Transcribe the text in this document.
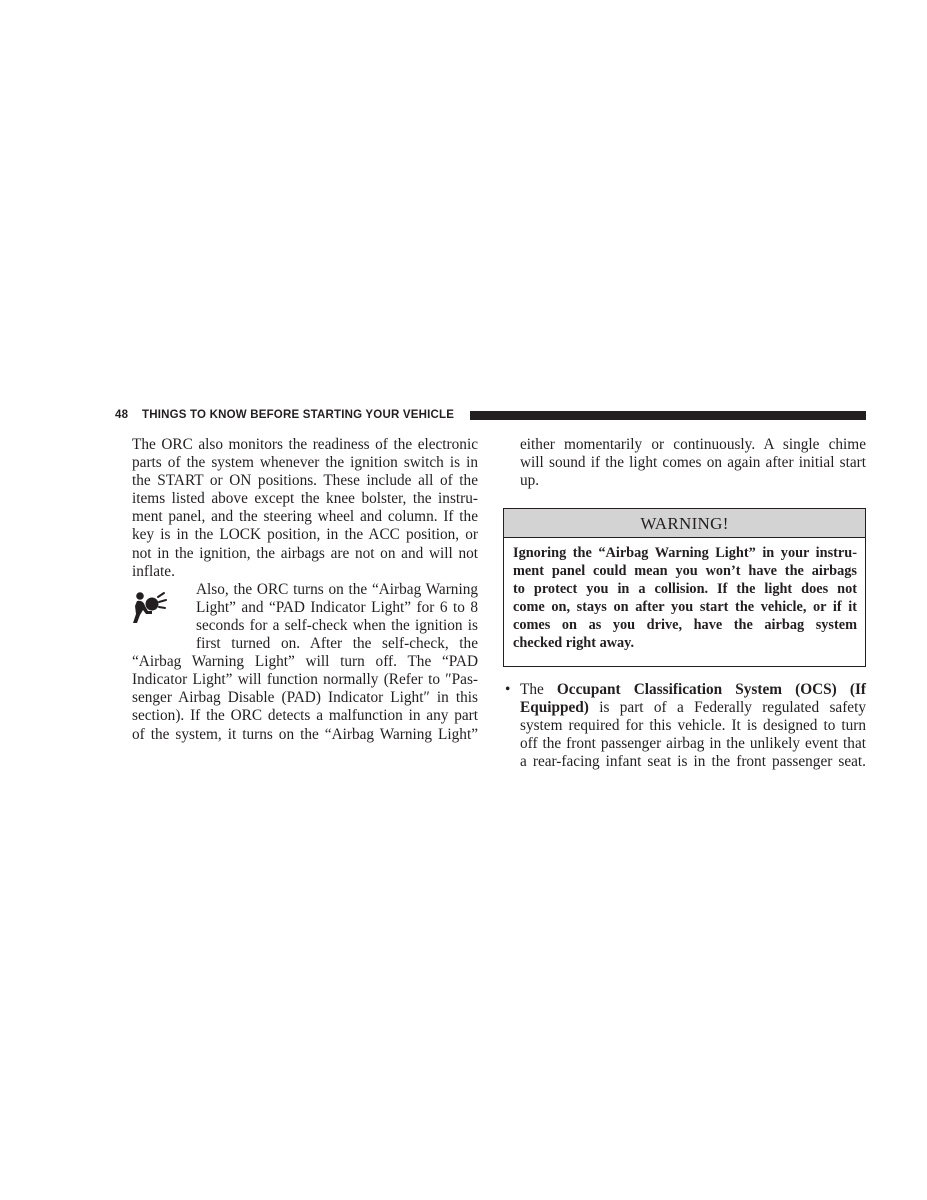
48 THINGS TO KNOW BEFORE STARTING YOUR VEHICLE

The ORC also monitors the readiness of the electronic

parts of the system whenever the ignition switch is in

the START or ON positions. These include all of the

items listed above except the knee bolster, the instru-

ment panel, and the steering wheel and column. If the

key is in the LOCK position, in the ACC position, or

not in the ignition, the airbags are not on and will not

inflate.

Also, the ORC turns on the “Airbag Warning

Light” and “PAD Indicator Light” for 6 to 8

seconds for a self-check when the ignition is

first turned on. After the self-check, the

“Airbag Warning Light” will turn off. The “PAD

Indicator Light” will function normally (Refer to ″Pas-

senger Airbag Disable (PAD) Indicator Light″ in this

section). If the ORC detects a malfunction in any part

of the system, it turns on the “Airbag Warning Light”

either momentarily or continuously. A single chime

will sound if the light comes on again after initial start

up.

WARNING!

Ignoring the “Airbag Warning Light” in your instru-

ment panel could mean you won’t have the airbags

to protect you in a collision. If the light does not

come on, stays on after you start the vehicle, or if it

comes on as you drive, have the airbag system

checked right away.

• The Occupant Classification System (OCS) (If

Equipped) is part of a Federally regulated safety

system required for this vehicle. It is designed to turn

off the front passenger airbag in the unlikely event that

a rear-facing infant seat is in the front passenger seat.
